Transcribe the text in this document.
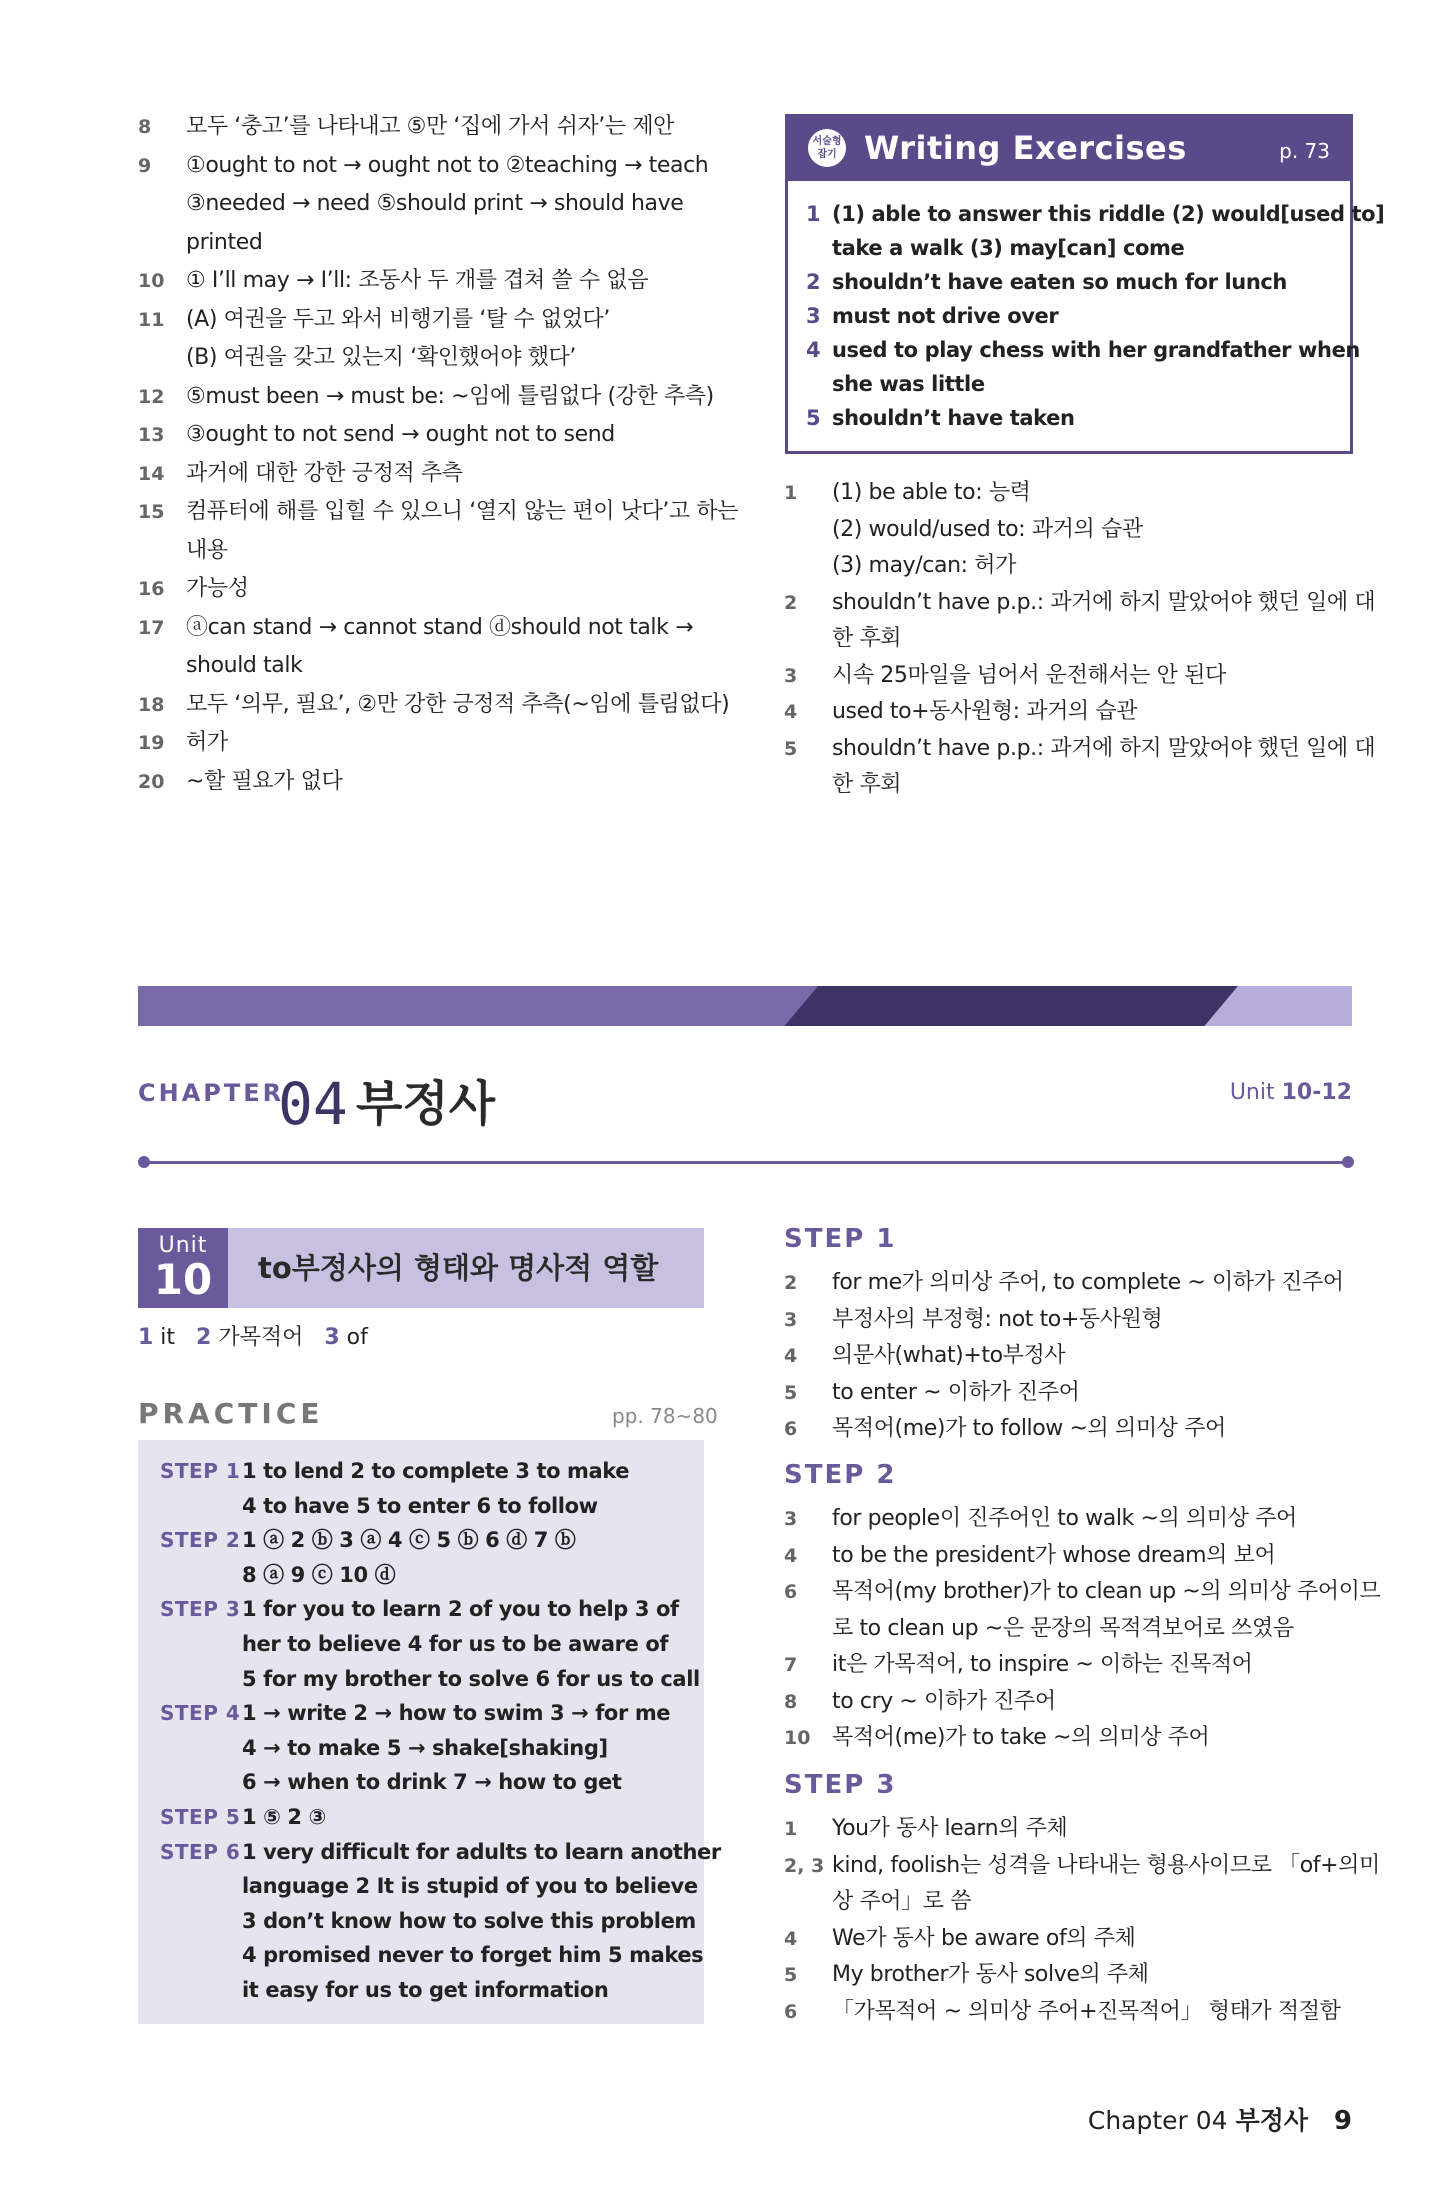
8 모두 ‘충고’를 나타내고 ⑤만 ‘집에 가서 쉬자’는 제안
9 ①ought to not → ought not to ②teaching → teach
③needed → need ⑤should print → should have
printed
10 ① I’ll may → I’ll: 조동사 두 개를 겹쳐 쓸 수 없음
11 (A) 여권을 두고 와서 비행기를 ‘탈 수 없었다’
(B) 여권을 갖고 있는지 ‘확인했어야 했다’
12 ⑤must been → must be: ~임에 틀림없다 (강한 추측)
13 ③ought to not send → ought not to send
14 과거에 대한 강한 긍정적 추측
15 컴퓨터에 해를 입힐 수 있으니 ‘열지 않는 편이 낫다’고 하는
내용
16 가능성
17 ⓐcan stand → cannot stand ⓓshould not talk →
should talk
18 모두 ‘의무, 필요’, ②만 강한 긍정적 추측(~임에 틀림없다)
19 허가
20 ~할 필요가 없다
서술형 잡기 Writing Exercises	p. 73
1 (1) able to answer this riddle (2) would[used to]
take a walk (3) may[can] come
2 shouldn’t have eaten so much for lunch
3 must not drive over
4 used to play chess with her grandfather when
she was little
5 shouldn’t have taken
1 (1) be able to: 능력
(2) would/used to: 과거의 습관
(3) may/can: 허가
2 shouldn’t have p.p.: 과거에 하지 말았어야 했던 일에 대
한 후회
3 시속 25마일을 넘어서 운전해서는 안 된다
4 used to+동사원형: 과거의 습관
5 shouldn’t have p.p.: 과거에 하지 말았어야 했던 일에 대
한 후회
CHAPTER
04 부정사	Unit 10-12
Unit
10	to부정사의 형태와 명사적 역할
1 it 2 가목적어 3 of
PRACTICE	pp. 78~80
STEP 1 1 to lend 2 to complete 3 to make
4 to have 5 to enter 6 to follow
STEP 2 1 ⓐ 2 ⓑ 3 ⓐ 4 ⓒ 5 ⓑ 6 ⓓ 7 ⓑ
8 ⓐ 9 ⓒ 10 ⓓ
STEP 3 1 for you to learn 2 of you to help 3 of
her to believe 4 for us to be aware of
5 for my brother to solve 6 for us to call
STEP 4 1 → write 2 → how to swim 3 → for me
4 → to make 5 → shake[shaking]
6 → when to drink 7 → how to get
STEP 5 1 ⑤ 2 ③
STEP 6 1 very difficult for adults to learn another
language 2 It is stupid of you to believe
3 don’t know how to solve this problem
4 promised never to forget him 5 makes
it easy for us to get information
STEP 1
2 for me가 의미상 주어, to complete ~ 이하가 진주어
3 부정사의 부정형: not to+동사원형
4 의문사(what)+to부정사
5 to enter ~ 이하가 진주어
6 목적어(me)가 to follow ~의 의미상 주어
STEP 2
3 for people이 진주어인 to walk ~의 의미상 주어
4 to be the president가 whose dream의 보어
6 목적어(my brother)가 to clean up ~의 의미상 주어이므
로 to clean up ~은 문장의 목적격보어로 쓰였음
7 it은 가목적어, to inspire ~ 이하는 진목적어
8 to cry ~ 이하가 진주어
10 목적어(me)가 to take ~의 의미상 주어
STEP 3
1 You가 동사 learn의 주체
2, 3 kind, foolish는 성격을 나타내는 형용사이므로 「of+의미
상 주어」로 씀
4 We가 동사 be aware of의 주체
5 My brother가 동사 solve의 주체
6 「가목적어 ~ 의미상 주어+진목적어」 형태가 적절함
Chapter 04 부정사 9
